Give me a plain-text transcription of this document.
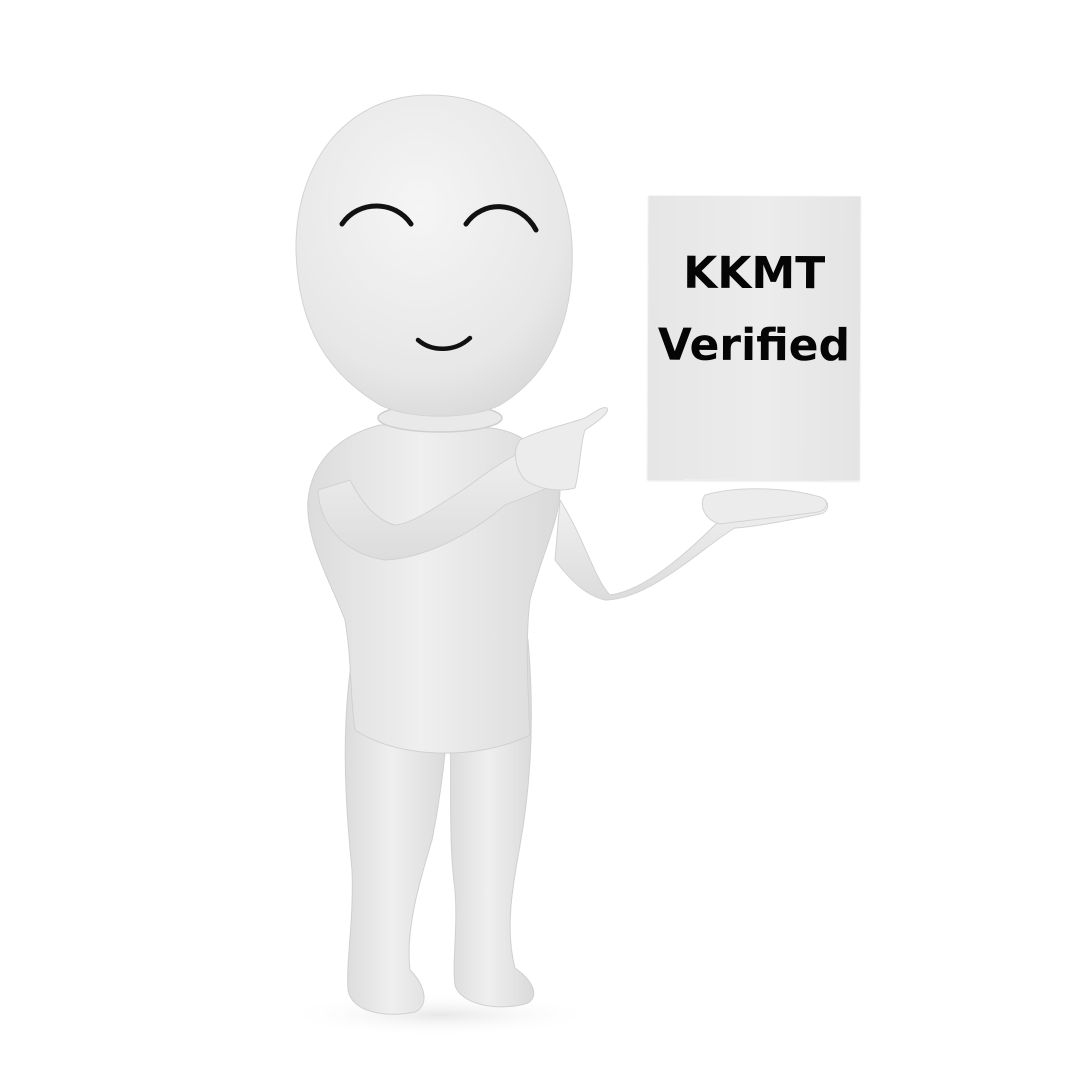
KKMT
Verified
